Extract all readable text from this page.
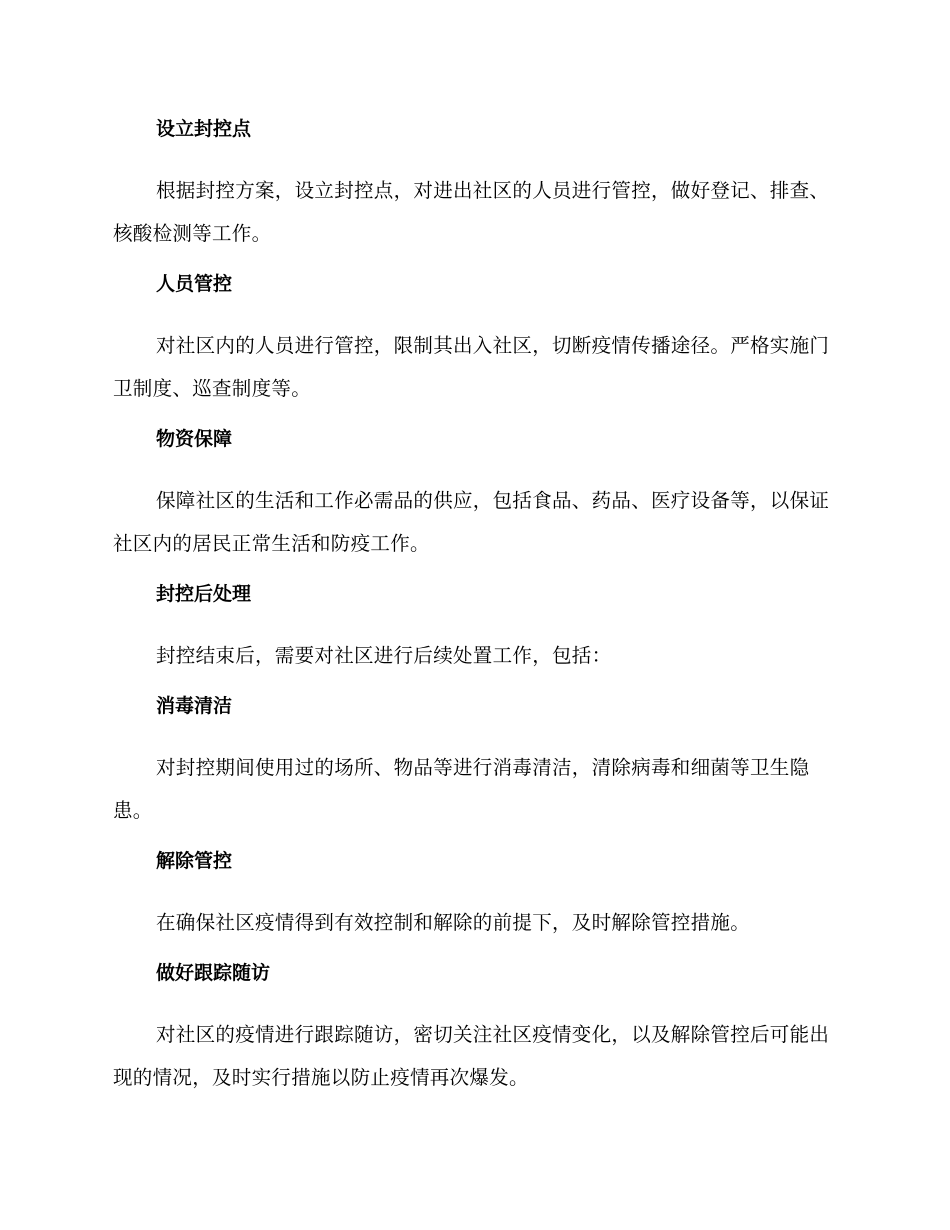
设立封控点
根据封控方案，设立封控点，对进出社区的人员进行管控，做好登记、排查、核酸检测等工作。
人员管控
对社区内的人员进行管控，限制其出入社区，切断疫情传播途径。严格实施门卫制度、巡查制度等。
物资保障
保障社区的生活和工作必需品的供应，包括食品、药品、医疗设备等，以保证社区内的居民正常生活和防疫工作。
封控后处理
封控结束后，需要对社区进行后续处置工作，包括：
消毒清洁
对封控期间使用过的场所、物品等进行消毒清洁，清除病毒和细菌等卫生隐患。
解除管控
在确保社区疫情得到有效控制和解除的前提下，及时解除管控措施。
做好跟踪随访
对社区的疫情进行跟踪随访，密切关注社区疫情变化，以及解除管控后可能出现的情况，及时实行措施以防止疫情再次爆发。
